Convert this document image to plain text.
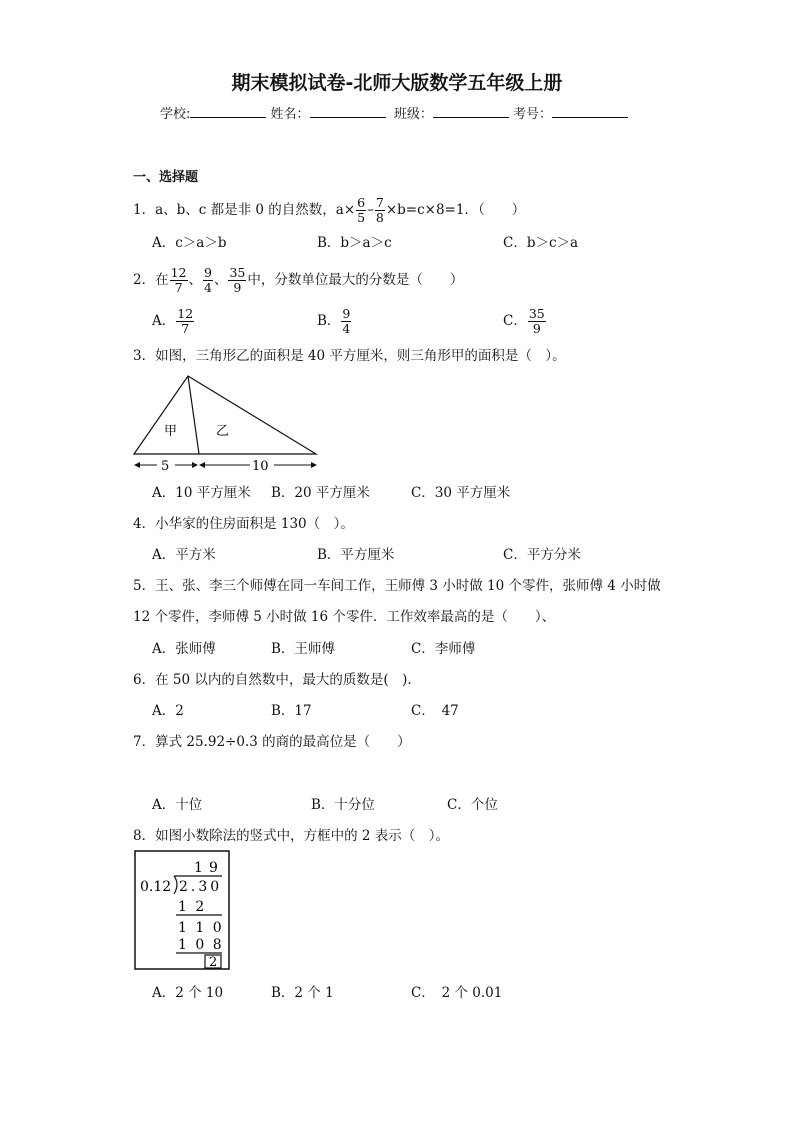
期末模拟试卷-北师大版数学五年级上册
学校:	姓名：	班级：	考号：
一、选择题
1．a、b、c 都是非 0 的自然数，$a\times \frac{6}{5} - \frac{7}{8} \times b=c\times 8=1$．（　　）
A．c＞a＞b	B．b＞a＞c	C．b＞c＞a
2．在 $\frac{12}{7}$ 、 $\frac{9}{4}$ 、 $\frac{35}{9}$ 中，分数单位最大的分数是（　　）
A． $\frac{12}{7}$	B． $\frac{9}{4}$	C． $\frac{35}{9}$
3．如图，三角形乙的面积是 40 平方厘米，则三角形甲的面积是（　）。
甲	乙
5	10
A．10 平方厘米 B．20 平方厘米	C．30 平方厘米
4．小华家的住房面积是 130（　）。
A．平方米	B．平方厘米	C．平方分米
5．王、张、李三个师傅在同一车间工作，王师傅 3 小时做 10 个零件，张师傅 4 小时做
12 个零件，李师傅 5 小时做 16 个零件．工作效率最高的是（　　）、
A．张师傅	B．王师傅	C．李师傅
6．在 50 以内的自然数中，最大的质数是(　).
A．2	B．17	C．　47
7．算式 25.92÷0.3 的商的最高位是（　　）
A．十位	B．十分位	C．个位
8．如图小数除法的竖式中，方框中的 2 表示（　）。
1 9
0.12 2.30
1 2
1 1 0
1 0 8
2
A．2 个 10	B．2 个 1	C．　2 个 0.01
